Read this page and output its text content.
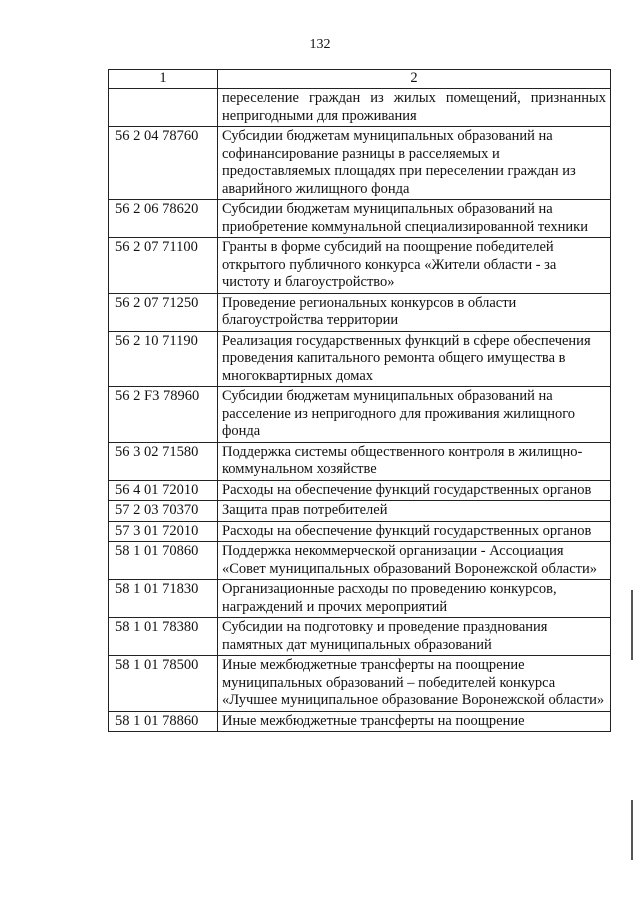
132
1	2
	переселение граждан из жилых помещений, признанных непригодными для проживания
56 2 04 78760	Субсидии бюджетам муниципальных образований на софинансирование разницы в расселяемых и предоставляемых площадях при переселении граждан из аварийного жилищного фонда
56 2 06 78620	Субсидии бюджетам муниципальных образований на приобретение коммунальной специализированной техники
56 2 07 71100	Гранты в форме субсидий на поощрение победителей открытого публичного конкурса «Жители области - за чистоту и благоустройство»
56 2 07 71250	Проведение региональных конкурсов в области благоустройства территории
56 2 10 71190	Реализация государственных функций в сфере обеспечения проведения капитального ремонта общего имущества в многоквартирных домах
56 2 F3 78960	Субсидии бюджетам муниципальных образований на расселение из непригодного для проживания жилищного фонда
56 3 02 71580	Поддержка системы общественного контроля в жилищно-коммунальном хозяйстве
56 4 01 72010	Расходы на обеспечение функций государственных органов
57 2 03 70370	Защита прав потребителей
57 3 01 72010	Расходы на обеспечение функций государственных органов
58 1 01 70860	Поддержка некоммерческой организации - Ассоциация «Совет муниципальных образований Воронежской области»
58 1 01 71830	Организационные расходы по проведению конкурсов, награждений и прочих мероприятий
58 1 01 78380	Субсидии на подготовку и проведение празднования памятных дат муниципальных образований
58 1 01 78500	Иные межбюджетные трансферты на поощрение муниципальных образований – победителей конкурса «Лучшее муниципальное образование Воронежской области»
58 1 01 78860	Иные межбюджетные трансферты на поощрение
